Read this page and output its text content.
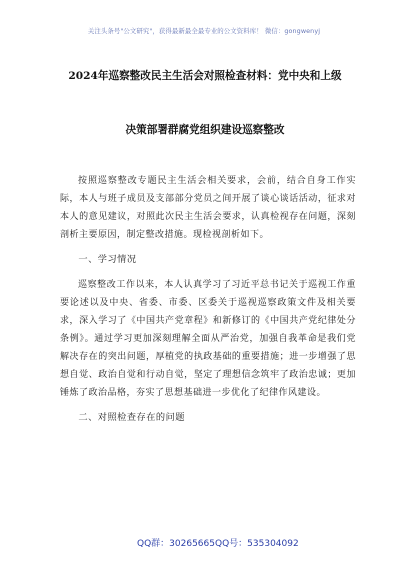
关注头条号"公文研究"，获得最新最全最专业的公文资料库！ 微信：gongwenyj
2024年巡察整改民主生活会对照检查材料：党中央和上级
决策部署群腐党组织建设巡察整改

按照巡察整改专题民主生活会相关要求，会前，结合自身工作实际，本人与班子成员及支部部分党员之间开展了谈心谈话活动，征求对本人的意见建议，对照此次民主生活会要求，认真检视存在问题，深刻剖析主要原因，制定整改措施。现检视剖析如下。

一、学习情况

巡察整改工作以来，本人认真学习了习近平总书记关于巡视工作重要论述以及中央、省委、市委、区委关于巡视巡察政策文件及相关要求，深入学习了《中国共产党章程》和新修订的《中国共产党纪律处分条例》。通过学习更加深刻理解全面从严治党，加强自我革命是我们党解决存在的突出问题，厚植党的执政基础的重要措施；进一步增强了思想自觉、政治自觉和行动自觉，坚定了理想信念筑牢了政治忠诚；更加锤炼了政治品格，夯实了思想基础进一步优化了纪律作风建设。

二、对照检查存在的问题

QQ群：30265665 QQ号：535304092
